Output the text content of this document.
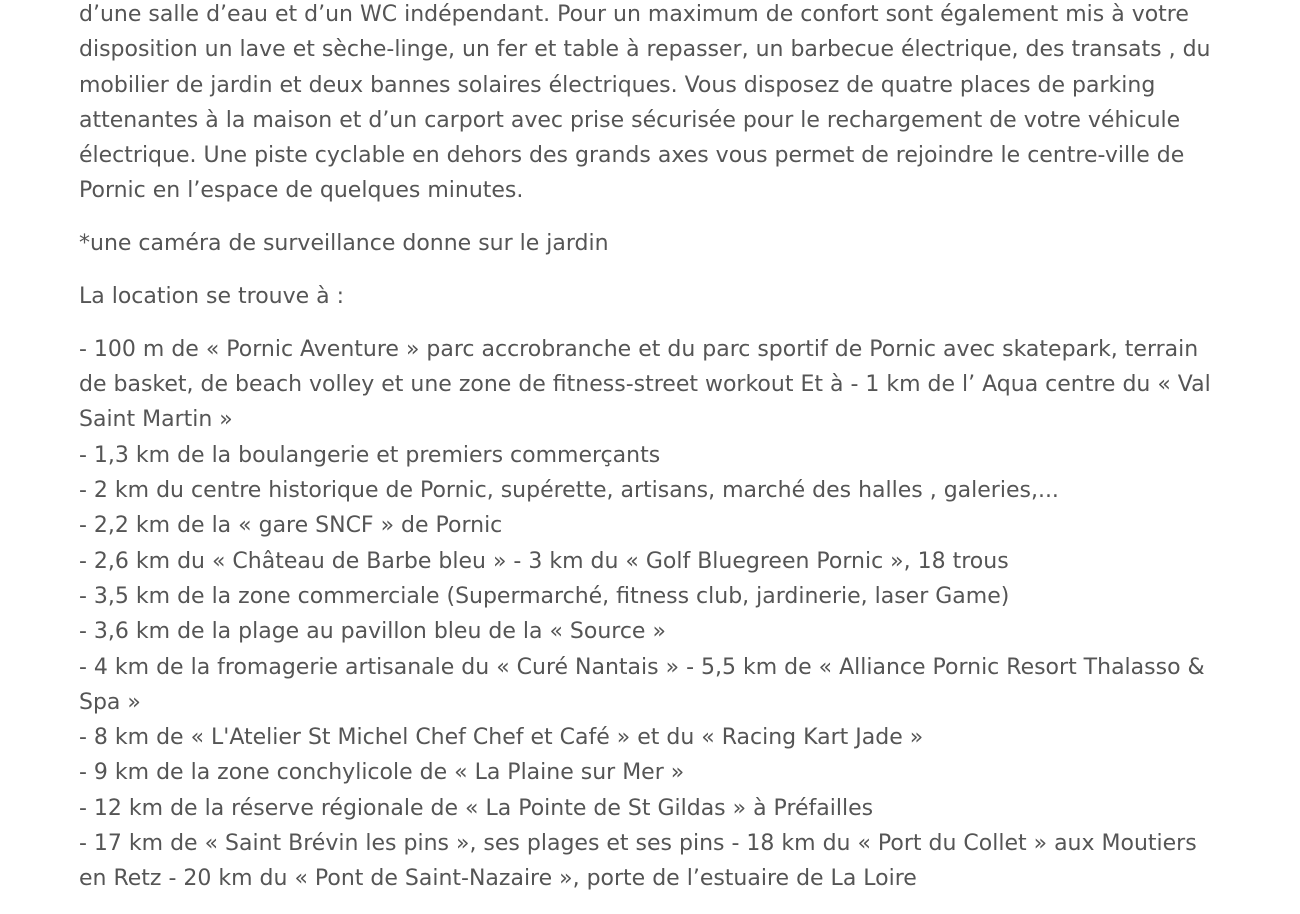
d’une salle d’eau et d’un WC indépendant. Pour un maximum de confort sont également mis à votre
disposition un lave et sèche-linge, un fer et table à repasser, un barbecue électrique, des transats , du
mobilier de jardin et deux bannes solaires électriques. Vous disposez de quatre places de parking
attenantes à la maison et d’un carport avec prise sécurisée pour le rechargement de votre véhicule
électrique. Une piste cyclable en dehors des grands axes vous permet de rejoindre le centre-ville de
Pornic en l’espace de quelques minutes.

*une caméra de surveillance donne sur le jardin

La location se trouve à :

- 100 m de « Pornic Aventure » parc accrobranche et du parc sportif de Pornic avec skatepark, terrain
de basket, de beach volley et une zone de fitness-street workout Et à - 1 km de l’ Aqua centre du « Val
Saint Martin »
- 1,3 km de la boulangerie et premiers commerçants
- 2 km du centre historique de Pornic, supérette, artisans, marché des halles , galeries,...
- 2,2 km de la « gare SNCF » de Pornic
- 2,6 km du « Château de Barbe bleu » - 3 km du « Golf Bluegreen Pornic », 18 trous
- 3,5 km de la zone commerciale (Supermarché, fitness club, jardinerie, laser Game)
- 3,6 km de la plage au pavillon bleu de la « Source »
- 4 km de la fromagerie artisanale du « Curé Nantais » - 5,5 km de « Alliance Pornic Resort Thalasso &
Spa »
- 8 km de « L'Atelier St Michel Chef Chef et Café » et du « Racing Kart Jade »
- 9 km de la zone conchylicole de « La Plaine sur Mer »
- 12 km de la réserve régionale de « La Pointe de St Gildas » à Préfailles
- 17 km de « Saint Brévin les pins », ses plages et ses pins - 18 km du « Port du Collet » aux Moutiers
en Retz - 20 km du « Pont de Saint-Nazaire », porte de l’estuaire de La Loire
